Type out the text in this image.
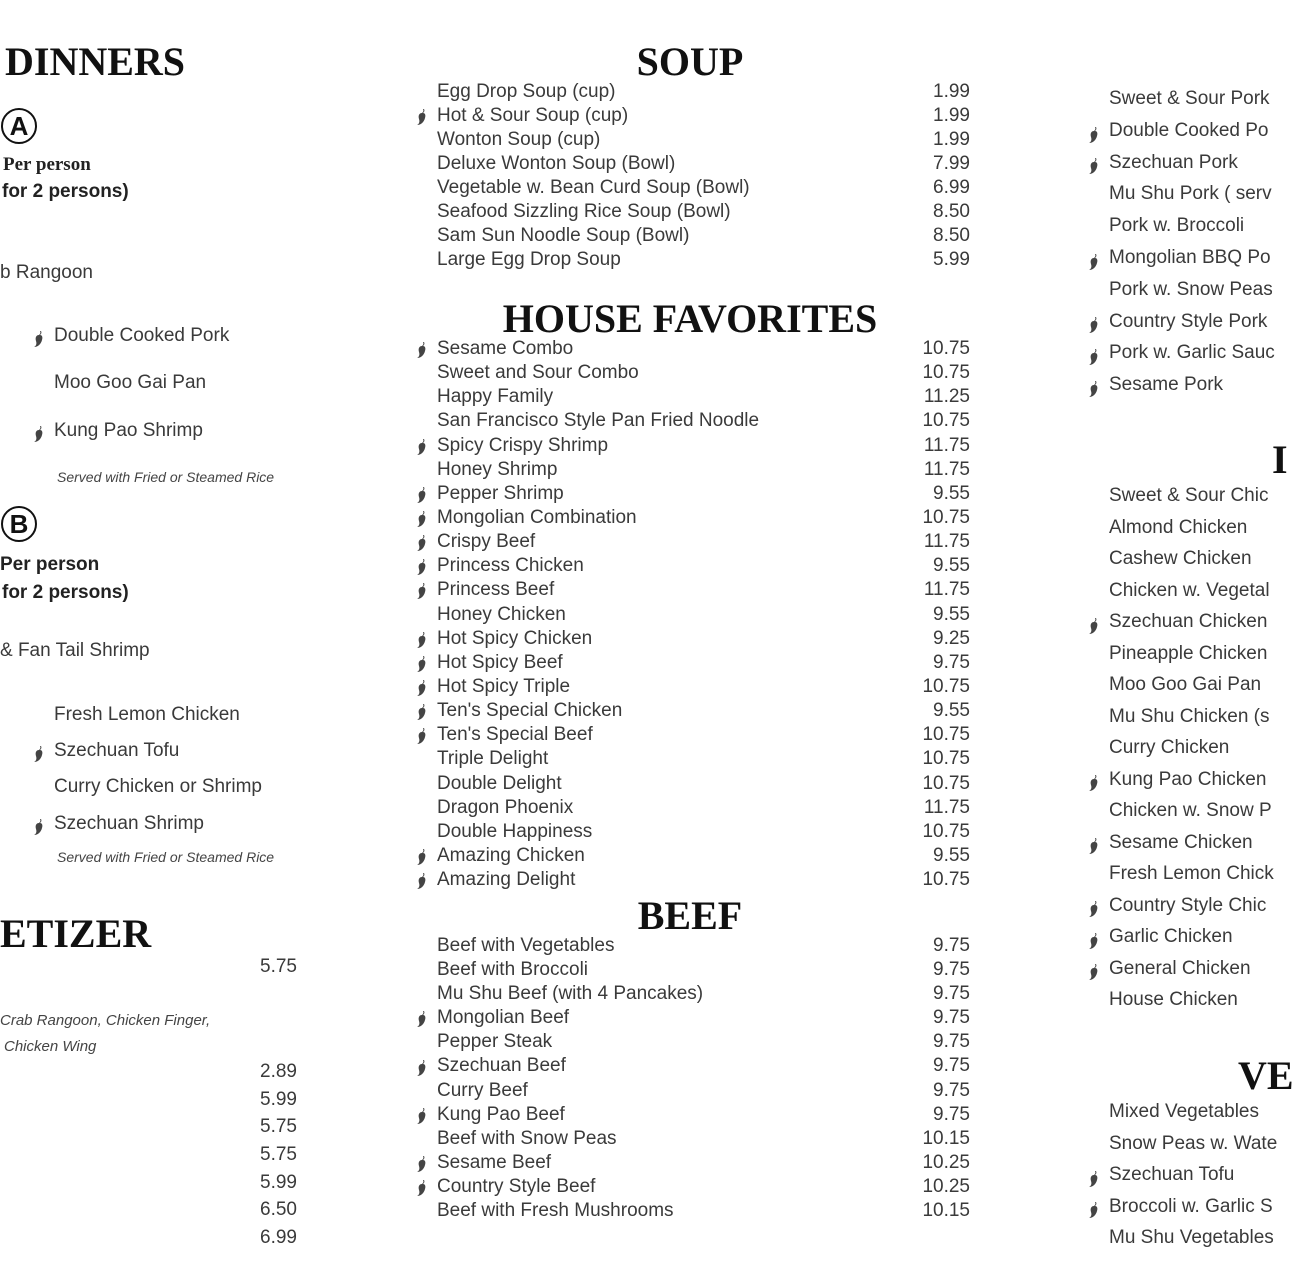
DINNERS
A
Per person
for 2 persons)
b Rangoon
Double Cooked Pork
Moo Goo Gai Pan
Kung Pao Shrimp
Served with Fried or Steamed Rice
B
Per person
for 2 persons)
& Fan Tail Shrimp
Fresh Lemon Chicken
Szechuan Tofu
Curry Chicken or Shrimp
Szechuan Shrimp
Served with Fried or Steamed Rice
ETIZER
5.75
Crab Rangoon, Chicken Finger,
Chicken Wing
2.89
5.99
5.75
5.75
5.99
6.50
6.99
SOUP
Egg Drop Soup (cup)	1.99
Hot & Sour Soup (cup)	1.99
Wonton Soup (cup)	1.99
Deluxe Wonton Soup (Bowl)	7.99
Vegetable w. Bean Curd Soup (Bowl)	6.99
Seafood Sizzling Rice Soup (Bowl)	8.50
Sam Sun Noodle Soup (Bowl)	8.50
Large Egg Drop Soup	5.99
HOUSE FAVORITES
Sesame Combo	10.75
Sweet and Sour Combo	10.75
Happy Family	11.25
San Francisco Style Pan Fried Noodle	10.75
Spicy Crispy Shrimp	11.75
Honey Shrimp	11.75
Pepper Shrimp	9.55
Mongolian Combination	10.75
Crispy Beef	11.75
Princess Chicken	9.55
Princess Beef	11.75
Honey Chicken	9.55
Hot Spicy Chicken	9.25
Hot Spicy Beef	9.75
Hot Spicy Triple	10.75
Ten's Special Chicken	9.55
Ten's Special Beef	10.75
Triple Delight	10.75
Double Delight	10.75
Dragon Phoenix	11.75
Double Happiness	10.75
Amazing Chicken	9.55
Amazing Delight	10.75
BEEF
Beef with Vegetables	9.75
Beef with Broccoli	9.75
Mu Shu Beef (with 4 Pancakes)	9.75
Mongolian Beef	9.75
Pepper Steak	9.75
Szechuan Beef	9.75
Curry Beef	9.75
Kung Pao Beef	9.75
Beef with Snow Peas	10.15
Sesame Beef	10.25
Country Style Beef	10.25
Beef with Fresh Mushrooms	10.15
Sweet & Sour Pork
Double Cooked Po
Szechuan Pork
Mu Shu Pork ( serv
Pork w. Broccoli
Mongolian BBQ Po
Pork w. Snow Peas
Country Style Pork
Pork w. Garlic Sauc
Sesame Pork
I
Sweet & Sour Chic
Almond Chicken
Cashew Chicken
Chicken w. Vegetal
Szechuan Chicken
Pineapple Chicken
Moo Goo Gai Pan
Mu Shu Chicken (s
Curry Chicken
Kung Pao Chicken
Chicken w. Snow P
Sesame Chicken
Fresh Lemon Chick
Country Style Chic
Garlic Chicken
General Chicken
House Chicken
VE
Mixed Vegetables
Snow Peas w. Wate
Szechuan Tofu
Broccoli w. Garlic S
Mu Shu Vegetables
